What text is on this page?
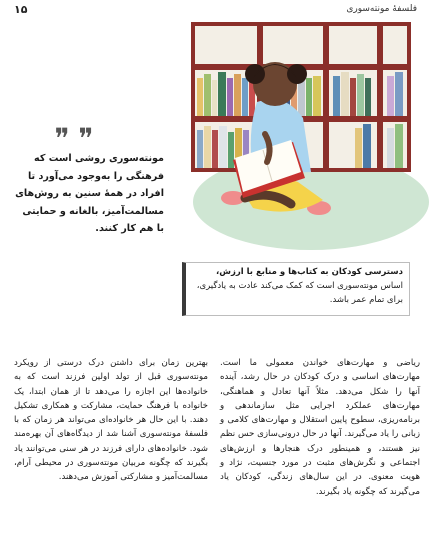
۱۵	فلسفهٔ مونته‌سوری
❞ ❞
مونته‌سوری روشی است که فرهنگی را به‌وجود می‌آورد تا افراد در همهٔ سنین به روش‌های مسالمت‌آمیز، بالغانه و حمایتی با هم کار کنند.

دسترسی کودکان به کتاب‌ها و منابع با ارزش، اساس مونته‌سوری است که کمک می‌کند عادت به یادگیری، برای تمام عمر باشد.

ریاضی و مهارت‌های خواندن معمولی ما است. مهارت‌های اساسی و درک کودکان در حال رشد، آینده آنها را شکل می‌دهد. مثلاً آنها تعادل و هماهنگی، مهارت‌های عملکرد اجرایی مثل سازماندهی و برنامه‌ریزی، سطوح پایین استقلال و مهارت‌های کلامی و زبانی را یاد می‌گیرند. آنها در حال درونی‌سازی حس نظم نیز هستند، و همینطور درک هنجارها و ارزش‌های اجتماعی و نگرش‌های مثبت در مورد جنسیت، نژاد و هویت معنوی. در این سال‌های زندگی، کودکان یاد می‌گیرند که چگونه یاد بگیرند.

بهترین زمان برای داشتن درک درستی از رویکرد مونته‌سوری قبل از تولد اولین فرزند است که به خانواده‌ها این اجازه را می‌دهد تا از همان ابتدا، یک خانواده با فرهنگ حمایت، مشارکت و همکاری تشکیل دهند. با این حال هر خانواده‌ای می‌تواند هر زمان که با فلسفهٔ مونته‌سوری آشنا شد از دیدگاه‌های آن بهره‌مند شود. خانواده‌های دارای فرزند در هر سنی می‌توانند یاد بگیرند که چگونه مربیان مونته‌سوری در محیطی آرام، مسالمت‌آمیز و مشارکتی آموزش می‌دهند.
